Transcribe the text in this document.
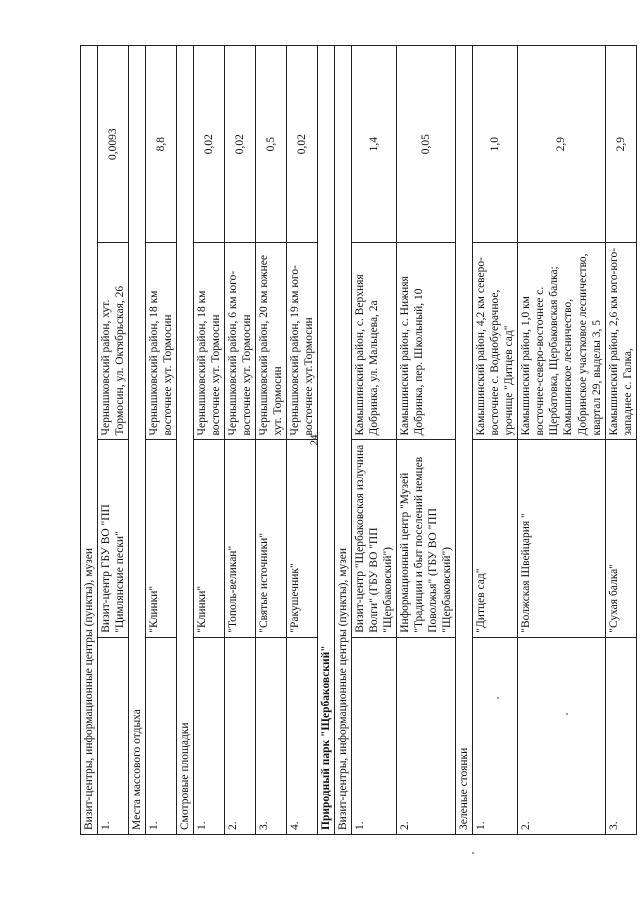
24
Визит-центры, информационные центры (пункты), музеи			
1.	Визит-центр ГБУ ВО "ПП "Цимлянские пески"	Чернышковский район, хут. Тормосин, ул. Октябрьская, 26	0,0093
Места массового отдыха			
1.	"Клинки"	Чернышковский район, 18 км восточнее хут. Тормосин	8,8
Смотровые площадки			
1.	"Клинки"	Чернышковский район, 18 км восточнее хут. Тормосин	0,02
2.	"Тополь-великан"	Чернышковский район, 6 км юго-восточнее хут. Тормосин	0,02
3.	"Святые источники"	Чернышковский район, 20 км южнее хут. Тормосин	0,5
4.	"Ракушечник"	Чернышковский район, 19 км юго-восточнее хут.Тормосин	0,02
Природный парк "Щербаковский"			
Визит-центры, информационные центры (пункты), музеи			
1.	Визит-центр "Щербаковская излучина Волги" (ГБУ ВО "ПП "Щербаковский")	Камышинский район, с. Верхняя Добринка, ул. Мальцева, 2а	1,4
2.	Информационный центр "Музей "Традиции и быт поселений немцев Поволжья" (ГБУ ВО "ПП "Щербаковский")	Камышинский район, с. Нижняя Добринка, пер. Школьный, 10	0,05
Зеленые стоянки			
1.	"Дитцев сад"	Камышинский район, 4,2 км северо-восточнее с. Воднобуерачное, урочище "Дитцев сад"	1,0
2.	"Волжская Швейцария "	Камышинский район, 1,0 км восточнее-северо-восточнее с. Щербатовка, Щербаковская балка; Камышинское лесничество, Добринское участковое лесничество, квартал 29, выделы 3, 5	2,9
3.	"Сухая балка"	Камышинский район, 2,6 км юго-юго-западнее с. Галка,	2,9
